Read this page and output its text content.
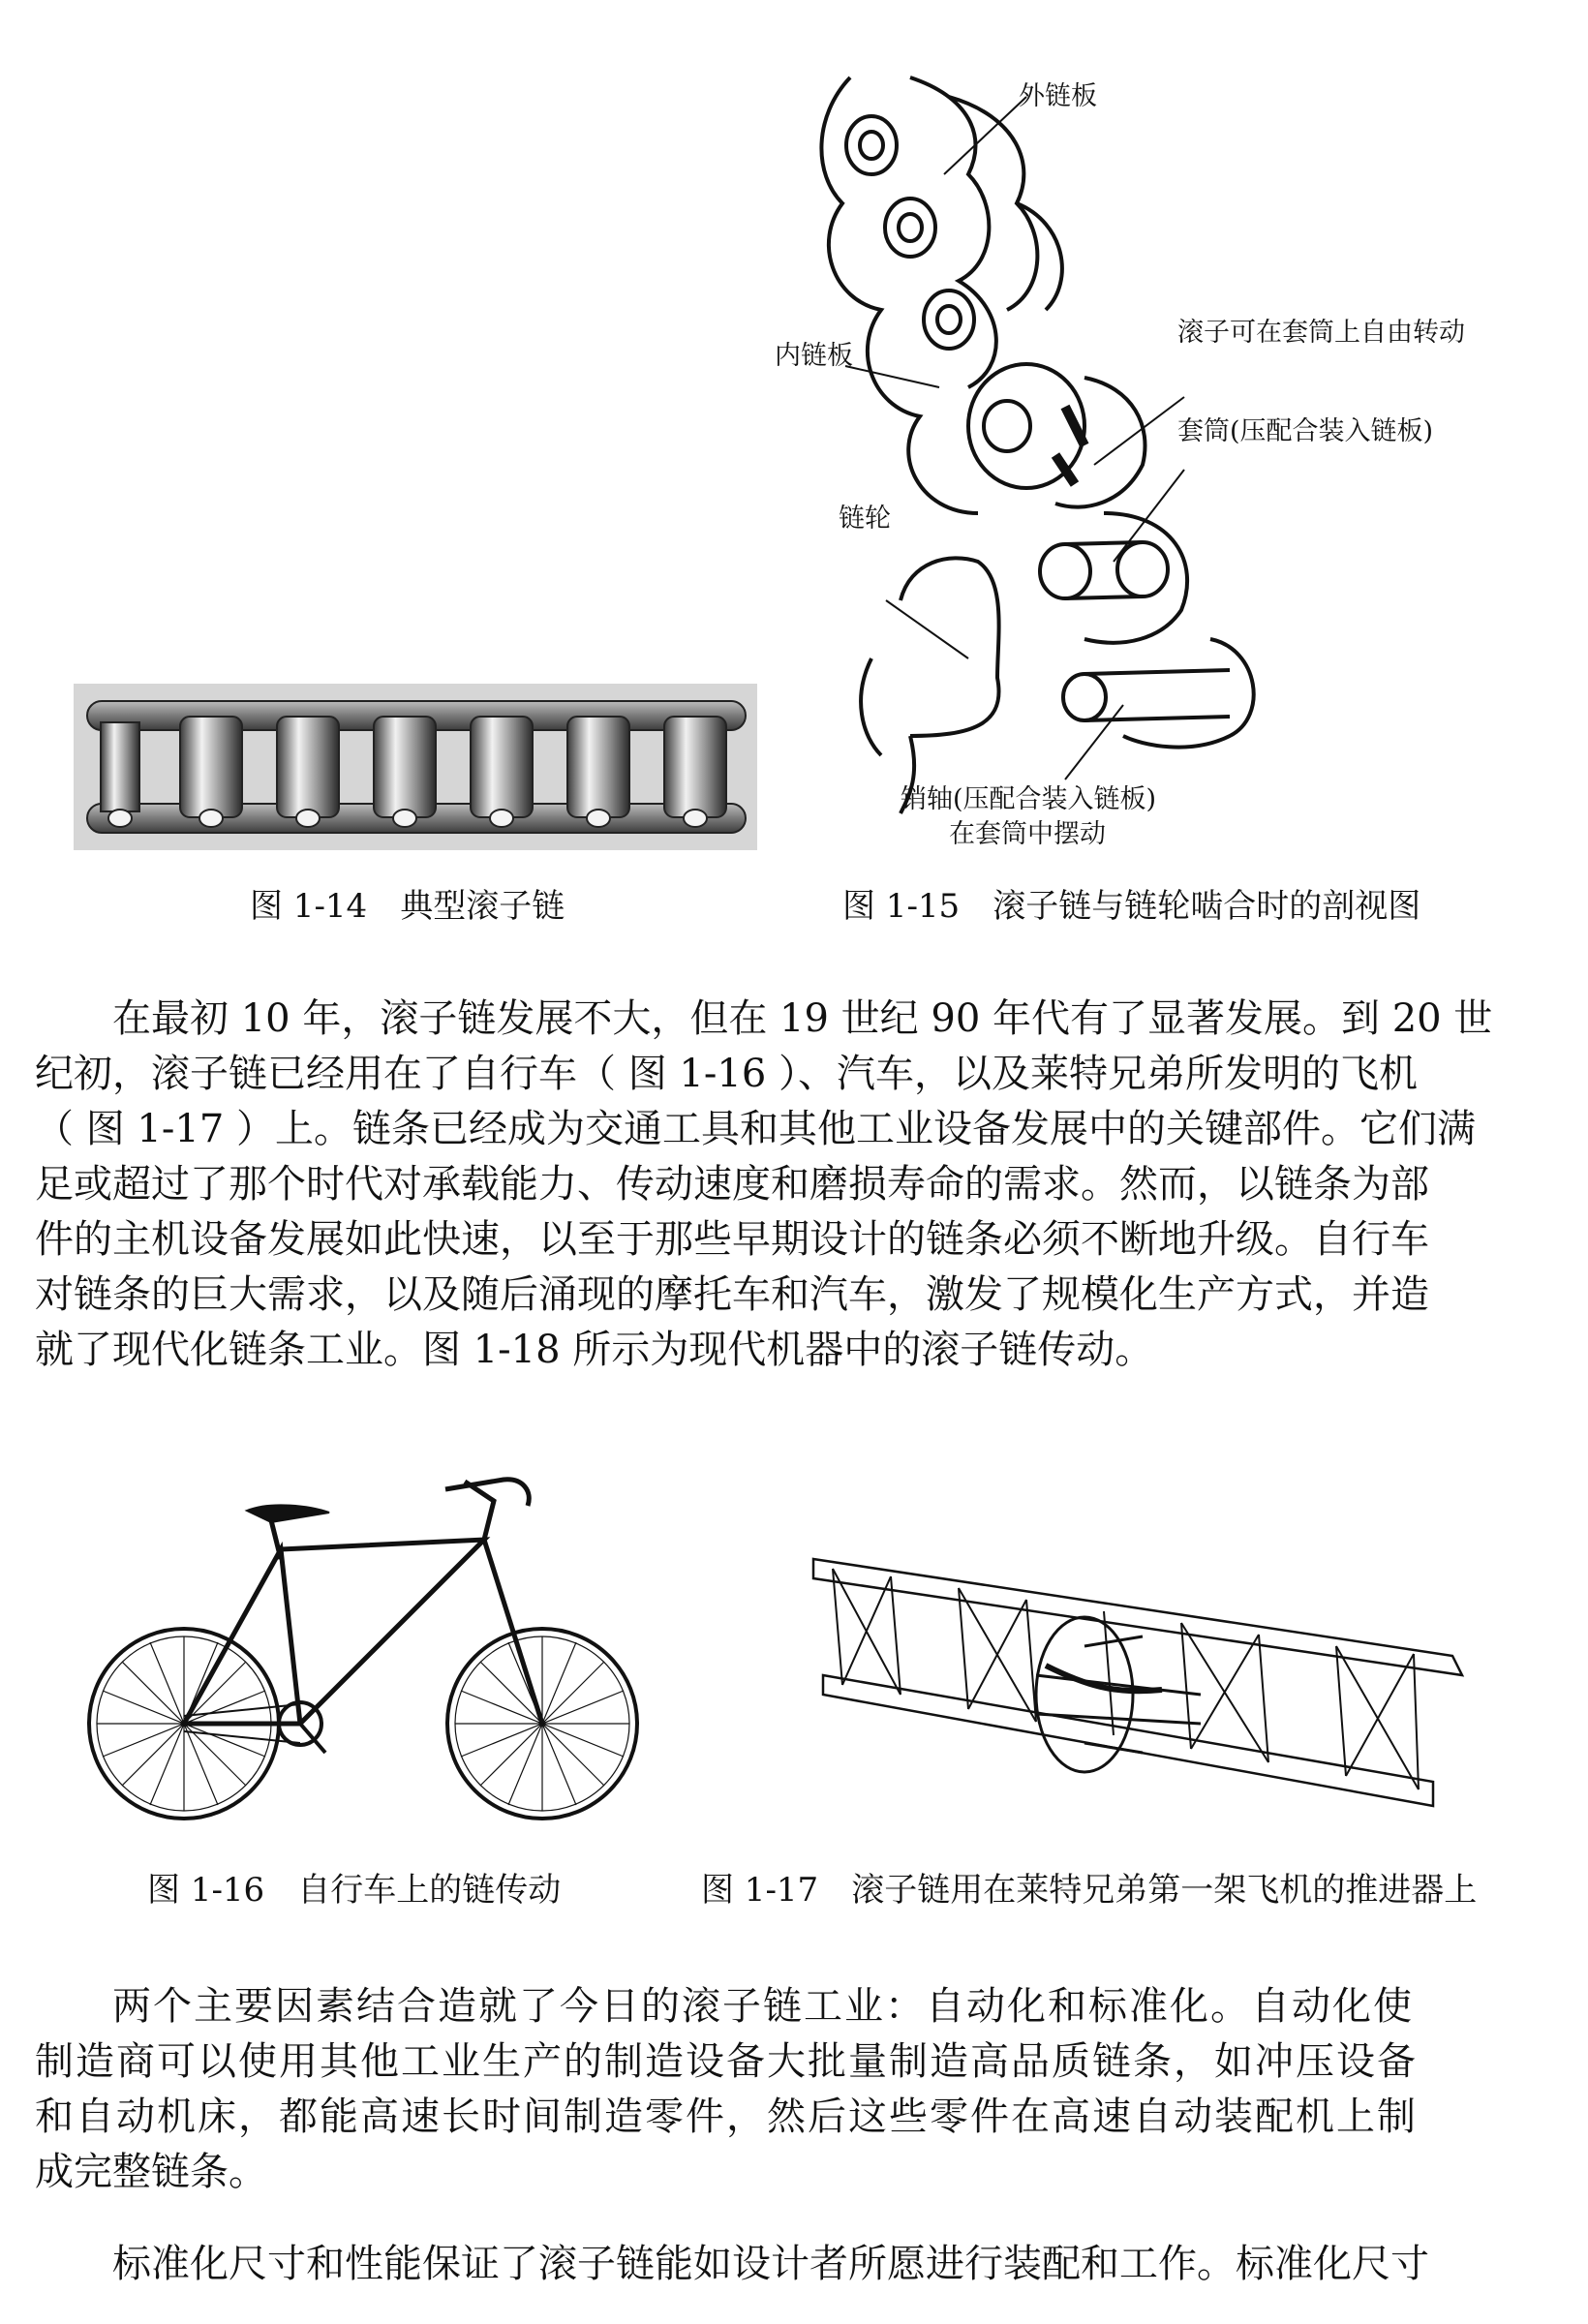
外链板
内链板
滚子可在套筒上自由转动
套筒(压配合装入链板)
链轮
销轴(压配合装入链板)
在套筒中摆动
图 1-14　典型滚子链	图 1-15　滚子链与链轮啮合时的剖视图
在最初 10 年，滚子链发展不大，但在 19 世纪 90 年代有了显著发展。到 20 世
纪初，滚子链已经用在了自行车（ 图 1-16 ）、汽车，以及莱特兄弟所发明的飞机
（ 图 1-17 ）上。链条已经成为交通工具和其他工业设备发展中的关键部件。它们满
足或超过了那个时代对承载能力、传动速度和磨损寿命的需求。然而，以链条为部
件的主机设备发展如此快速，以至于那些早期设计的链条必须不断地升级。自行车
对链条的巨大需求，以及随后涌现的摩托车和汽车，激发了规模化生产方式，并造
就了现代化链条工业。图 1-18 所示为现代机器中的滚子链传动。
图 1-16　自行车上的链传动	图 1-17　滚子链用在莱特兄弟第一架飞机的推进器上
两个主要因素结合造就了今日的滚子链工业：自动化和标准化。自动化使
制造商可以使用其他工业生产的制造设备大批量制造高品质链条，如冲压设备
和自动机床，都能高速长时间制造零件，然后这些零件在高速自动装配机上制
成完整链条。
标准化尺寸和性能保证了滚子链能如设计者所愿进行装配和工作。标准化尺寸
